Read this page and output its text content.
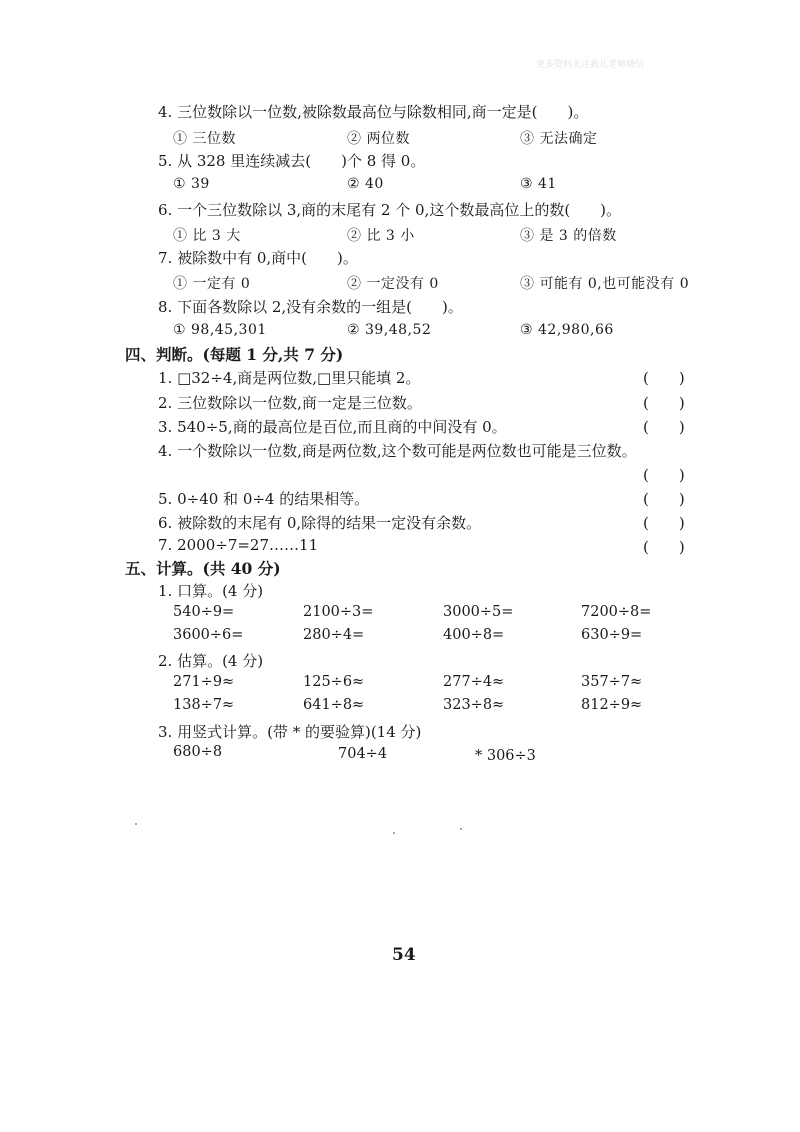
更多资料关注我儿老师微信
4. 三位数除以一位数,被除数最高位与除数相同,商一定是(　　)。
① 三位数	② 两位数	③ 无法确定
5. 从 328 里连续减去(　　)个 8 得 0。
① 39	② 40	③ 41
6. 一个三位数除以 3,商的末尾有 2 个 0,这个数最高位上的数(　　)。
① 比 3 大	② 比 3 小	③ 是 3 的倍数
7. 被除数中有 0,商中(　　)。
① 一定有 0	② 一定没有 0	③ 可能有 0,也可能没有 0
8. 下面各数除以 2,没有余数的一组是(　　)。
① 98,45,301	② 39,48,52	③ 42,980,66
四、判断。(每题 1 分,共 7 分)
1. □32÷4,商是两位数,□里只能填 2。	(　　)
2. 三位数除以一位数,商一定是三位数。	(　　)
3. 540÷5,商的最高位是百位,而且商的中间没有 0。	(　　)
4. 一个数除以一位数,商是两位数,这个数可能是两位数也可能是三位数。
(　　)
5. 0÷40 和 0÷4 的结果相等。	(　　)
6. 被除数的末尾有 0,除得的结果一定没有余数。	(　　)
7. 2000÷7=27……11	(　　)
五、计算。(共 40 分)
1. 口算。(4 分)
540÷9=	2100÷3=	3000÷5=	7200÷8=
3600÷6=	280÷4=	400÷8=	630÷9=
2. 估算。(4 分)
271÷9≈	125÷6≈	277÷4≈	357÷7≈
138÷7≈	641÷8≈	323÷8≈	812÷9≈
3. 用竖式计算。(带 * 的要验算)(14 分)
680÷8	704÷4	* 306÷3
54
